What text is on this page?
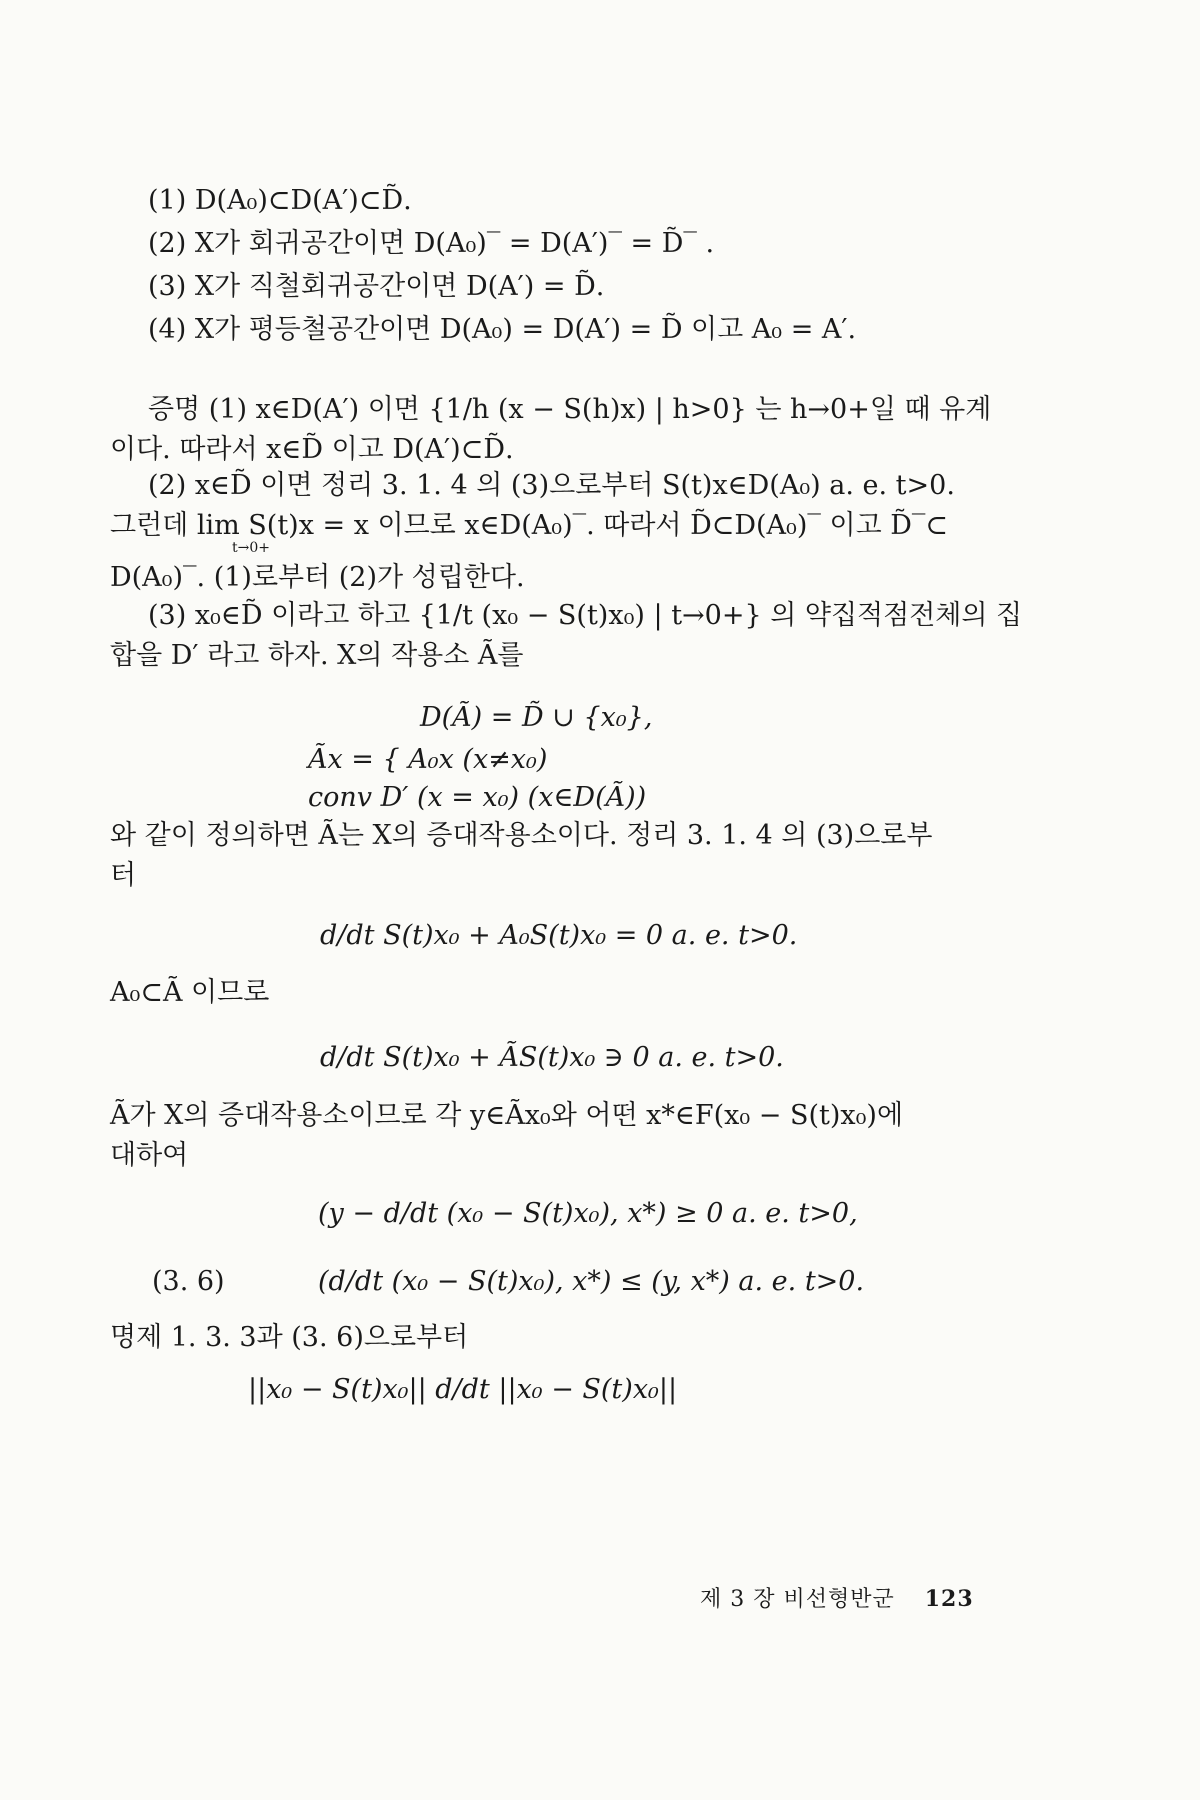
(1) D(A₀)⊂D(A′)⊂D̃.
(2) X가 회귀공간이면 D(A₀)‾ = D(A′)‾ = D̃‾ .
(3) X가 직철회귀공간이면 D(A′) = D̃.
(4) X가 평등철공간이면 D(A₀) = D(A′) = D̃ 이고 A₀ = A′.
증명 (1) x∈D(A′) 이면 {1/h (x − S(h)x) | h>0} 는 h→0+일 때 유계
이다. 따라서 x∈D̃ 이고 D(A′)⊂D̃.
(2) x∈D̃ 이면 정리 3. 1. 4 의 (3)으로부터 S(t)x∈D(A₀) a. e. t>0.
그런데 lim S(t)x = x 이므로 x∈D(A₀)‾. 따라서 D̃⊂D(A₀)‾ 이고 D̃‾⊂
t→0+
D(A₀)‾. (1)로부터 (2)가 성립한다.
(3) x₀∈D̃ 이라고 하고 {1/t (x₀ − S(t)x₀) | t→0+} 의 약집적점전체의 집
합을 D′ 라고 하자. X의 작용소 Ã를
D(Ã) = D̃ ∪ {x₀},
Ãx = { A₀x (x≠x₀)
conv D′ (x = x₀) (x∈D(Ã))
와 같이 정의하면 Ã는 X의 증대작용소이다. 정리 3. 1. 4 의 (3)으로부
터
d/dt S(t)x₀ + A₀S(t)x₀ = 0 a. e. t>0.
A₀⊂Ã 이므로
d/dt S(t)x₀ + ÃS(t)x₀ ∋ 0 a. e. t>0.
Ã가 X의 증대작용소이므로 각 y∈Ãx₀와 어떤 x*∈F(x₀ − S(t)x₀)에
대하여
(y − d/dt (x₀ − S(t)x₀), x*) ≥ 0 a. e. t>0,
(3. 6)	(d/dt (x₀ − S(t)x₀), x*) ≤ (y, x*) a. e. t>0.
명제 1. 3. 3과 (3. 6)으로부터
||x₀ − S(t)x₀|| d/dt ||x₀ − S(t)x₀||
제 3 장 비선형반군 123
